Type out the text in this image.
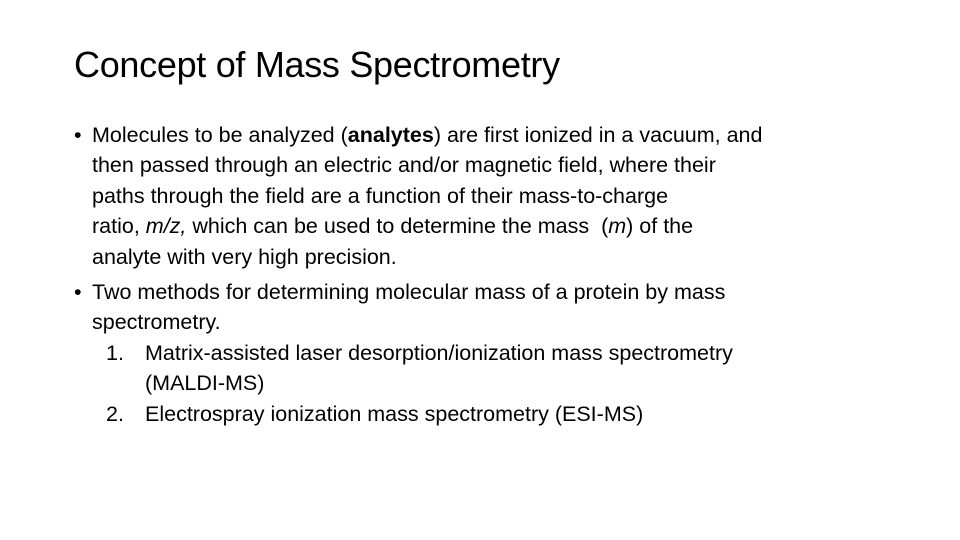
Concept of Mass Spectrometry
• Molecules to be analyzed (analytes) are first ionized in a vacuum, and
then passed through an electric and/or magnetic field, where their
paths through the field are a function of their mass-to-charge
ratio, m/z, which can be used to determine the mass  (m) of the
analyte with very high precision.
• Two methods for determining molecular mass of a protein by mass
spectrometry.
1. Matrix-assisted laser desorption/ionization mass spectrometry
(MALDI-MS)
2. Electrospray ionization mass spectrometry (ESI-MS)
